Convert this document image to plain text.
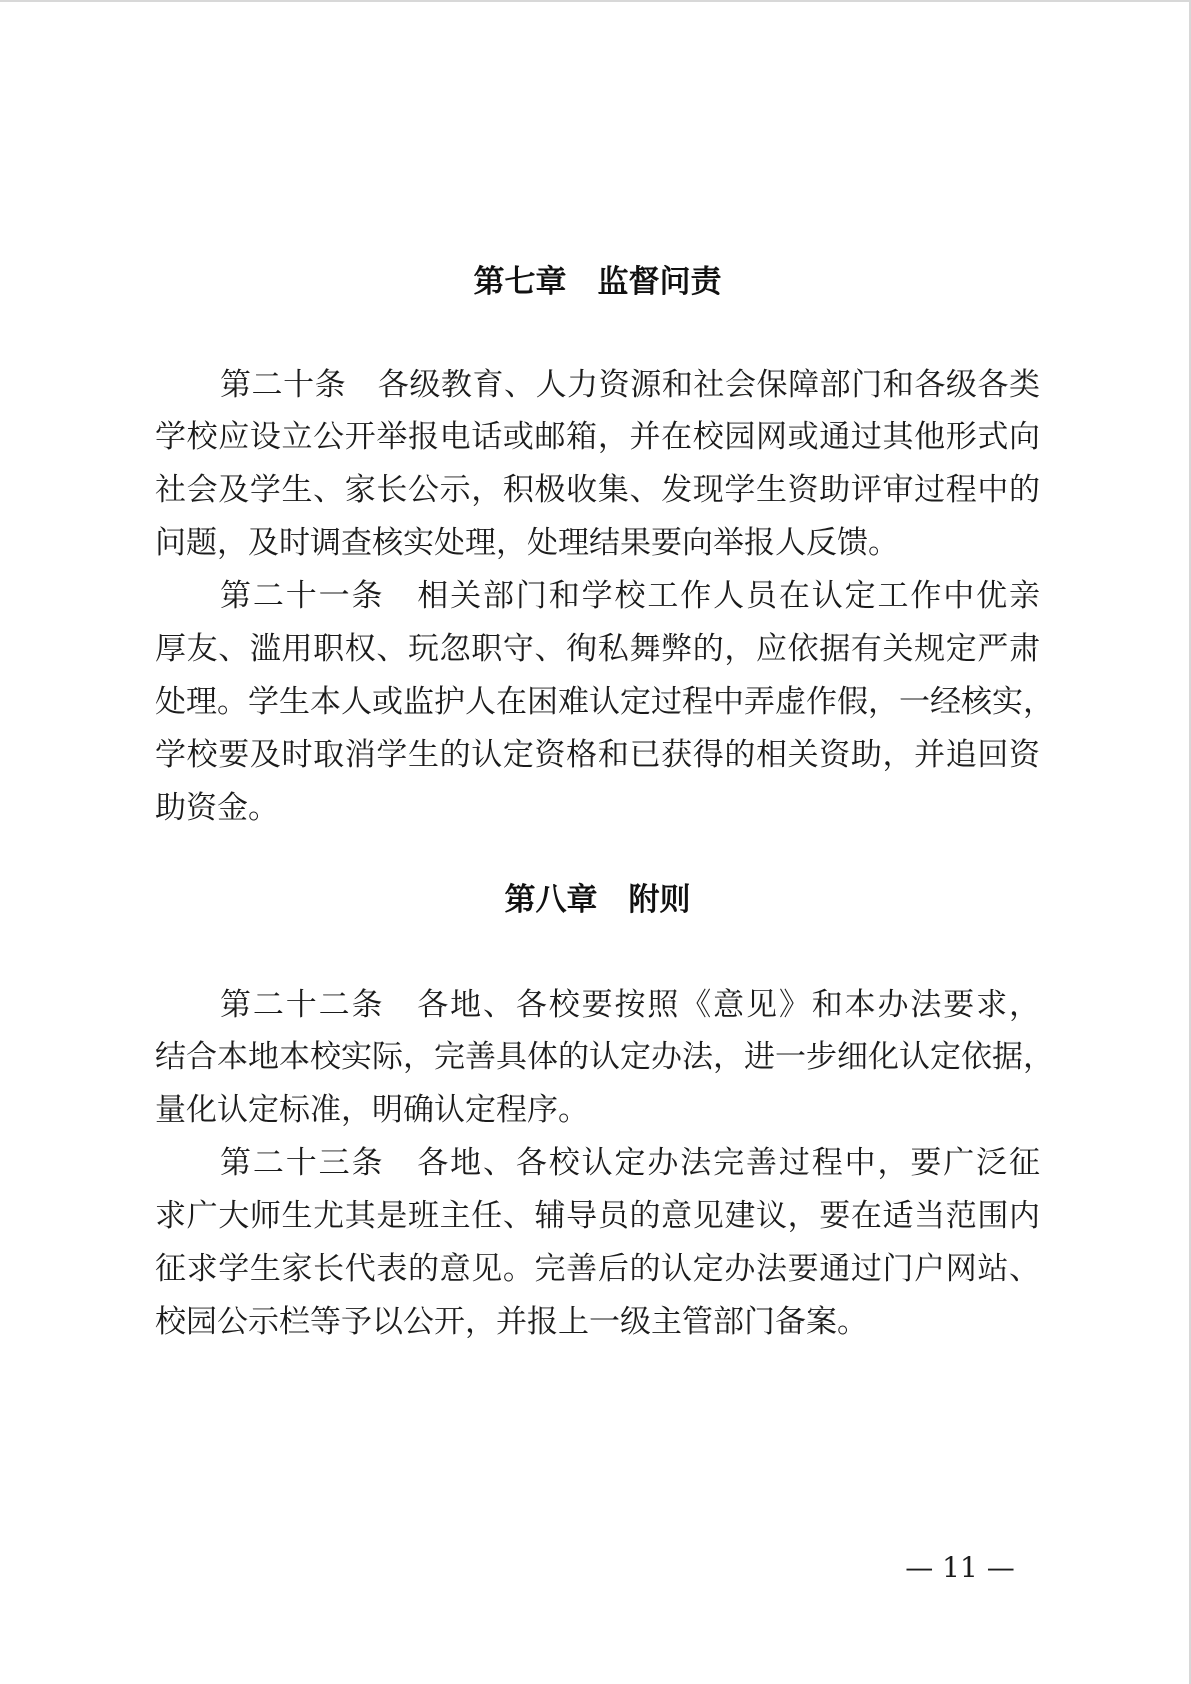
第七章　监督问责
第二十条　各级教育、人力资源和社会保障部门和各级各类
学校应设立公开举报电话或邮箱，并在校园网或通过其他形式向
社会及学生、家长公示，积极收集、发现学生资助评审过程中的
问题，及时调查核实处理，处理结果要向举报人反馈。
第二十一条　相关部门和学校工作人员在认定工作中优亲
厚友、滥用职权、玩忽职守、徇私舞弊的，应依据有关规定严肃
处理。学生本人或监护人在困难认定过程中弄虚作假，一经核实，
学校要及时取消学生的认定资格和已获得的相关资助，并追回资
助资金。
第八章　附则
第二十二条　各地、各校要按照《意见》和本办法要求，
结合本地本校实际，完善具体的认定办法，进一步细化认定依据，
量化认定标准，明确认定程序。
第二十三条　各地、各校认定办法完善过程中，要广泛征
求广大师生尤其是班主任、辅导员的意见建议，要在适当范围内
征求学生家长代表的意见。完善后的认定办法要通过门户网站、
校园公示栏等予以公开，并报上一级主管部门备案。
— 11 —
